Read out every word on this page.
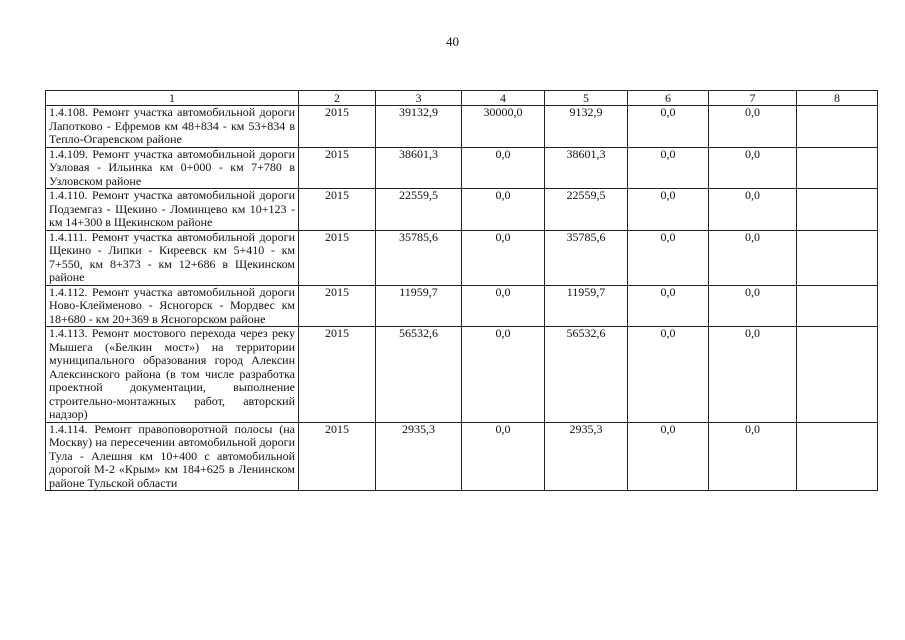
40
1	2	3	4	5	6	7	8
1.4.108. Ремонт участка автомобильной дороги Лапотково - Ефремов км 48+834 - км 53+834 в Тепло-Огаревском районе	2015	39132,9	30000,0	9132,9	0,0	0,0	
1.4.109. Ремонт участка автомобильной дороги Узловая - Ильинка км 0+000 - км 7+780 в Узловском районе	2015	38601,3	0,0	38601,3	0,0	0,0	
1.4.110. Ремонт участка автомобильной дороги Подземгаз - Щекино - Ломинцево км 10+123 - км 14+300 в Щекинском районе	2015	22559,5	0,0	22559,5	0,0	0,0	
1.4.111. Ремонт участка автомобильной дороги Щекино - Липки - Киреевск км 5+410 - км 7+550, км 8+373 - км 12+686 в Щекинском районе	2015	35785,6	0,0	35785,6	0,0	0,0	
1.4.112. Ремонт участка автомобильной дороги Ново-Клейменово - Ясногорск - Мордвес км 18+680 - км 20+369 в Ясногорском районе	2015	11959,7	0,0	11959,7	0,0	0,0	
1.4.113. Ремонт мостового перехода через реку Мышега («Белкин мост») на территории муниципального образования город Алексин Алексинского района (в том числе разработка проектной документации, выполнение строительно-монтажных работ, авторский надзор)	2015	56532,6	0,0	56532,6	0,0	0,0	
1.4.114. Ремонт правоповоротной полосы (на Москву) на пересечении автомобильной дороги Тула - Алешня км 10+400 с автомобильной дорогой М-2 «Крым» км 184+625 в Ленинском районе Тульской области	2015	2935,3	0,0	2935,3	0,0	0,0	
